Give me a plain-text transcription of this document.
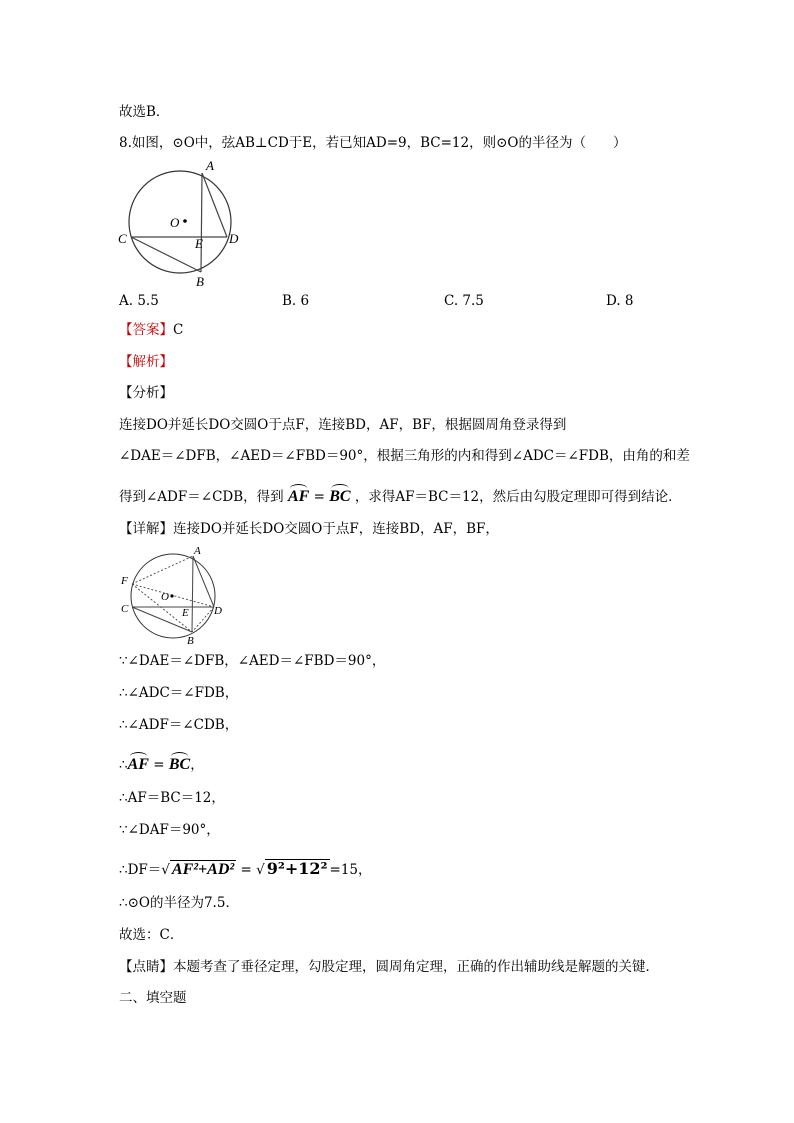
故选B．
8.如图，⊙O中，弦AB⊥CD于E，若已知AD=9，BC=12，则⊙O的半径为（　　）
A
O
C	E D
B
A. 5.5	B. 6	C. 7.5	D. 8
【答案】C
【解析】
【分析】
连接DO并延长DO交圆O于点F，连接BD，AF，BF，根据圆周角登录得到
∠DAE＝∠DFB，∠AED＝∠FBD＝90°，根据三角形的内和得到∠ADC＝∠FDB，由角的和差
得到∠ADF＝∠CDB，得到 AF = BC ，求得AF＝BC＝12，然后由勾股定理即可得到结论．
【详解】连接DO并延长DO交圆O于点F，连接BD，AF，BF，
A
F
O
C	E D
B
∵∠DAE＝∠DFB，∠AED＝∠FBD＝90°，
∴∠ADC＝∠FDB，
∴∠ADF＝∠CDB，
∴AF = BC，
∴AF＝BC＝12，
∵∠DAF＝90°，
∴DF＝√ AF²+AD² = √ 9²+12² =15，
∴⊙O的半径为7.5．
故选：C．
【点睛】本题考查了垂径定理，勾股定理，圆周角定理，正确的作出辅助线是解题的关键．
二、填空题
